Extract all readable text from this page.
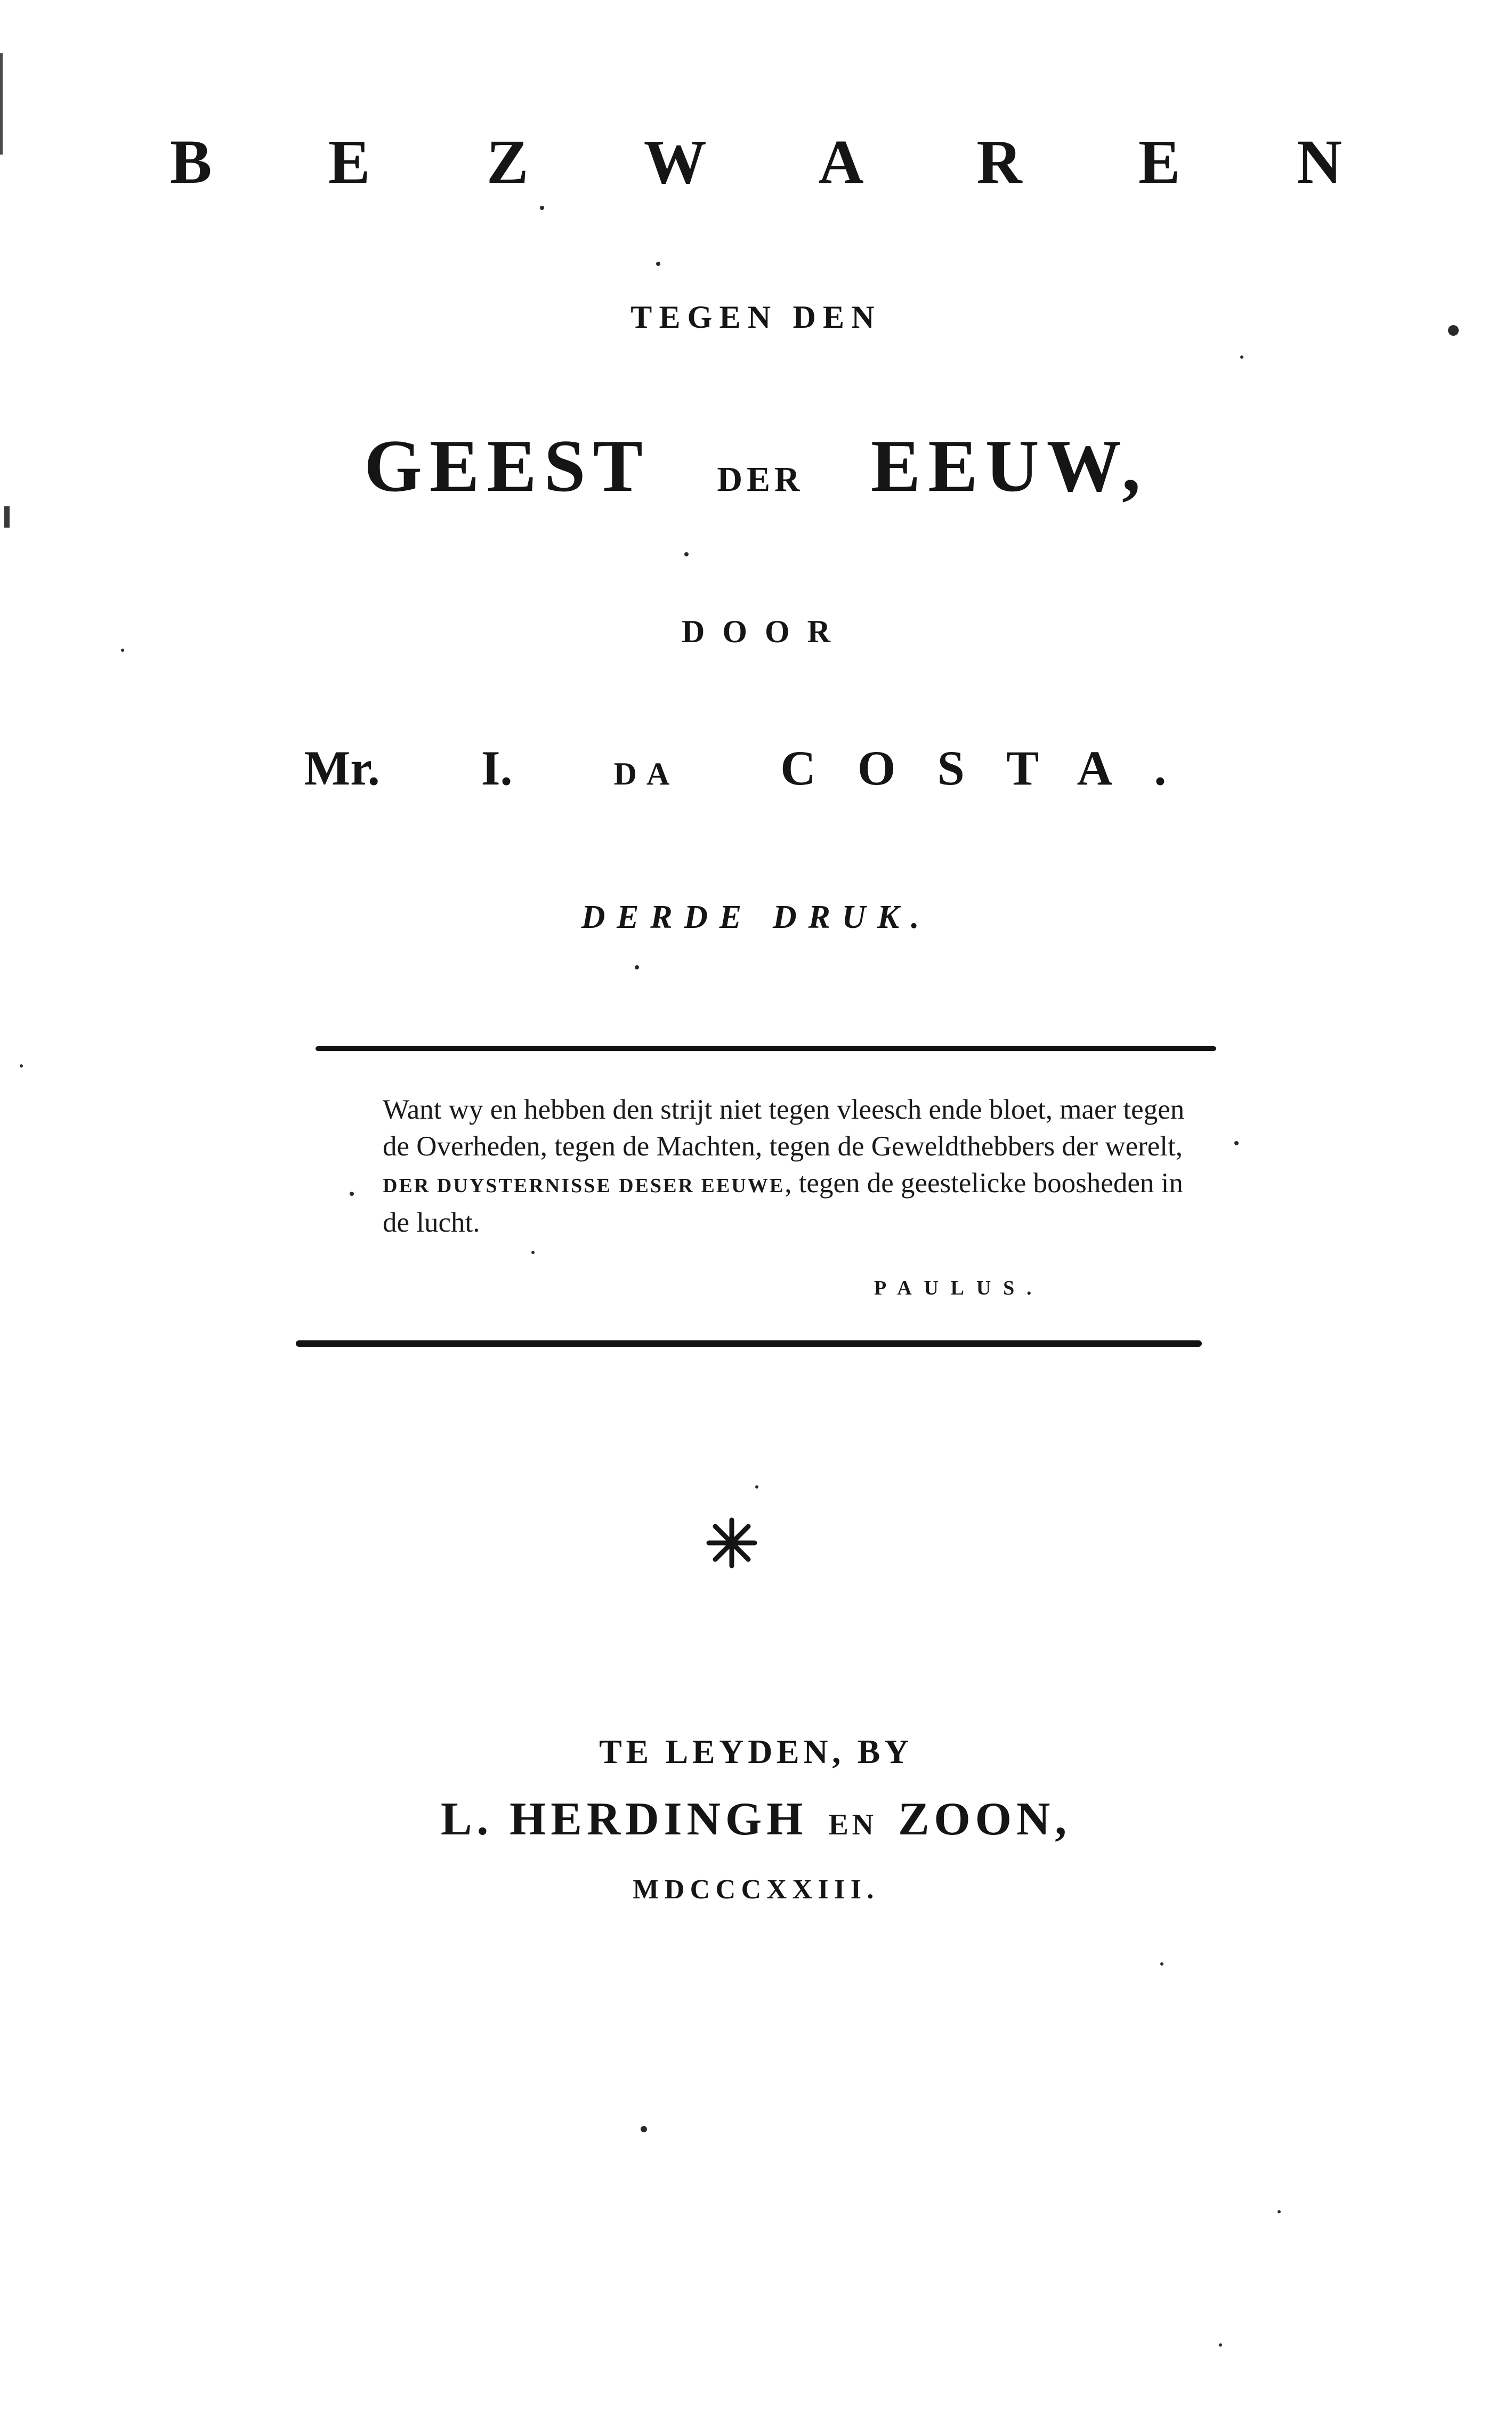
B E Z W A R E N
TEGEN DEN
GEEST DER EEUW,
DOOR
Mr. I.	DA COSTA.
DERDE DRUK.
Want wy en hebben den strijt niet tegen vleesch ende bloet, maer tegen de Overheden, tegen de Machten, tegen de Geweldthebbers der werelt, DER DUYSTERNISSE DESER EEUWE, tegen de geestelicke boosheden in de lucht.
PAULUS.
TE LEYDEN, BY
L. HERDINGH EN ZOON,
MDCCCXXIII.
